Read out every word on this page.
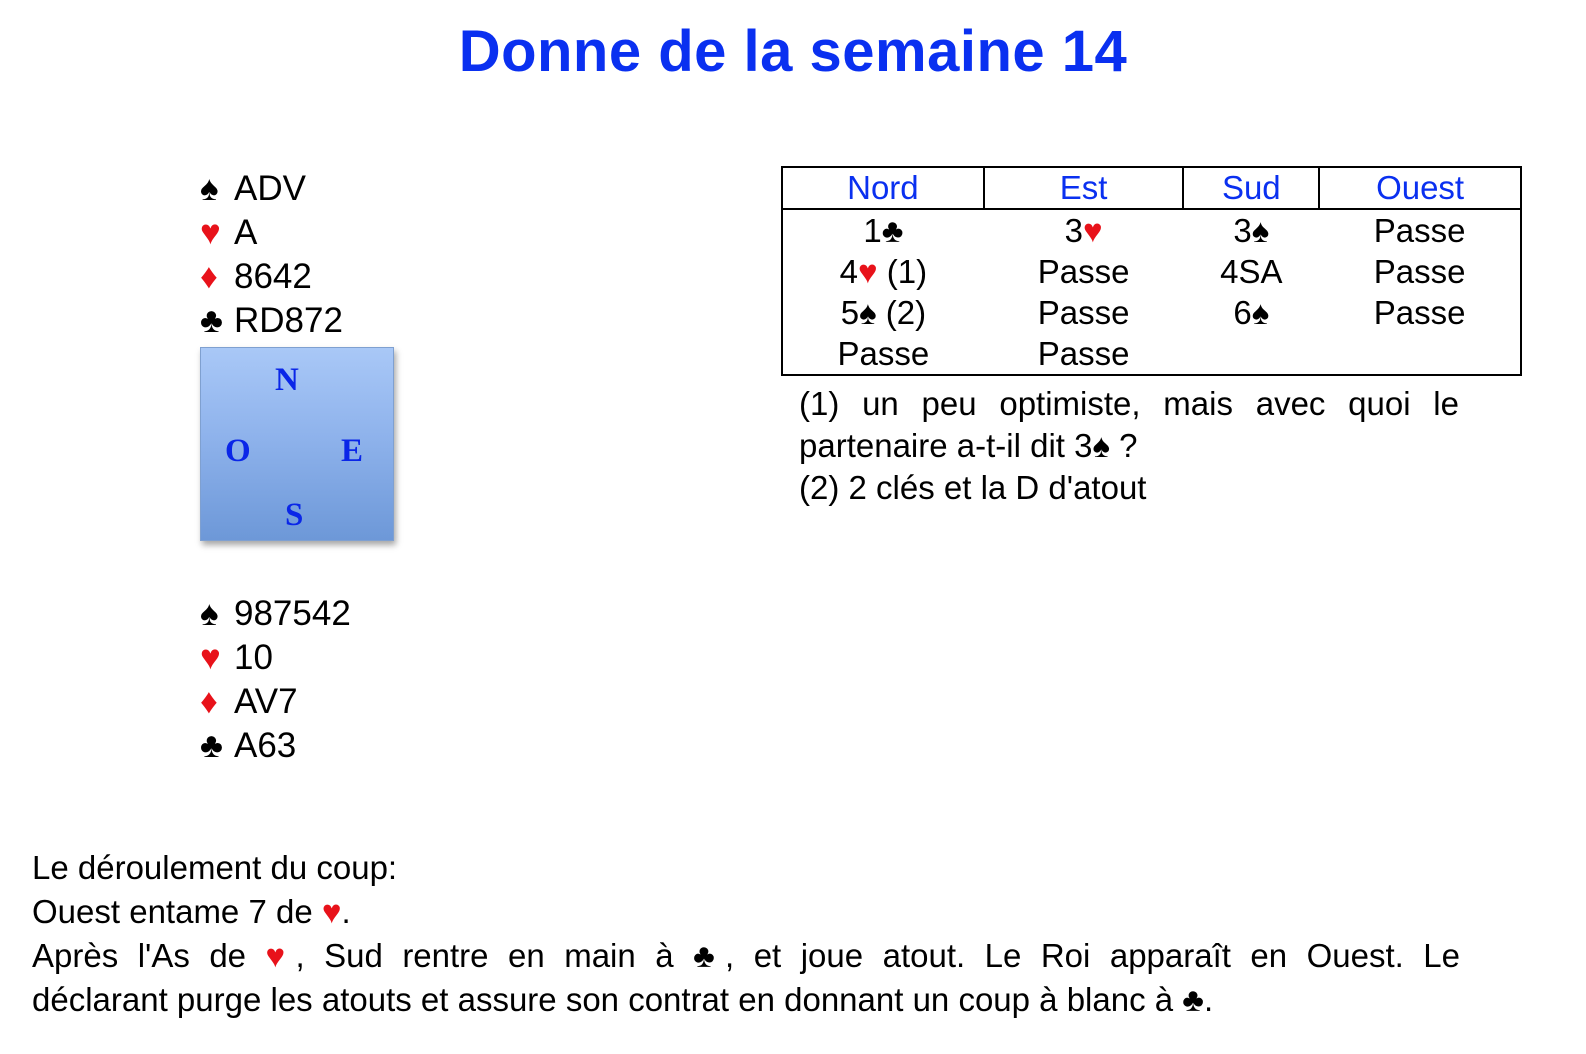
Donne de la semaine 14
♠ ADV
♥ A
♦ 8642
♣ RD872
N
O	E
S
♠ 987542
♥ 10
♦ AV7
♣ A63
Nord	Est	Sud	Ouest
1♣	3♥	3♠	Passe
4♥ (1)	Passe	4SA	Passe
5♠ (2)	Passe	6♠	Passe
Passe	Passe		
(1) un peu optimiste, mais avec quoi le
partenaire a-t-il dit 3♠ ?
(2) 2 clés et la D d'atout
Le déroulement du coup:
Ouest entame 7 de ♥.
Après l'As de ♥, Sud rentre en main à ♣, et joue atout. Le Roi apparaît en Ouest. Le
déclarant purge les atouts et assure son contrat en donnant un coup à blanc à ♣.
